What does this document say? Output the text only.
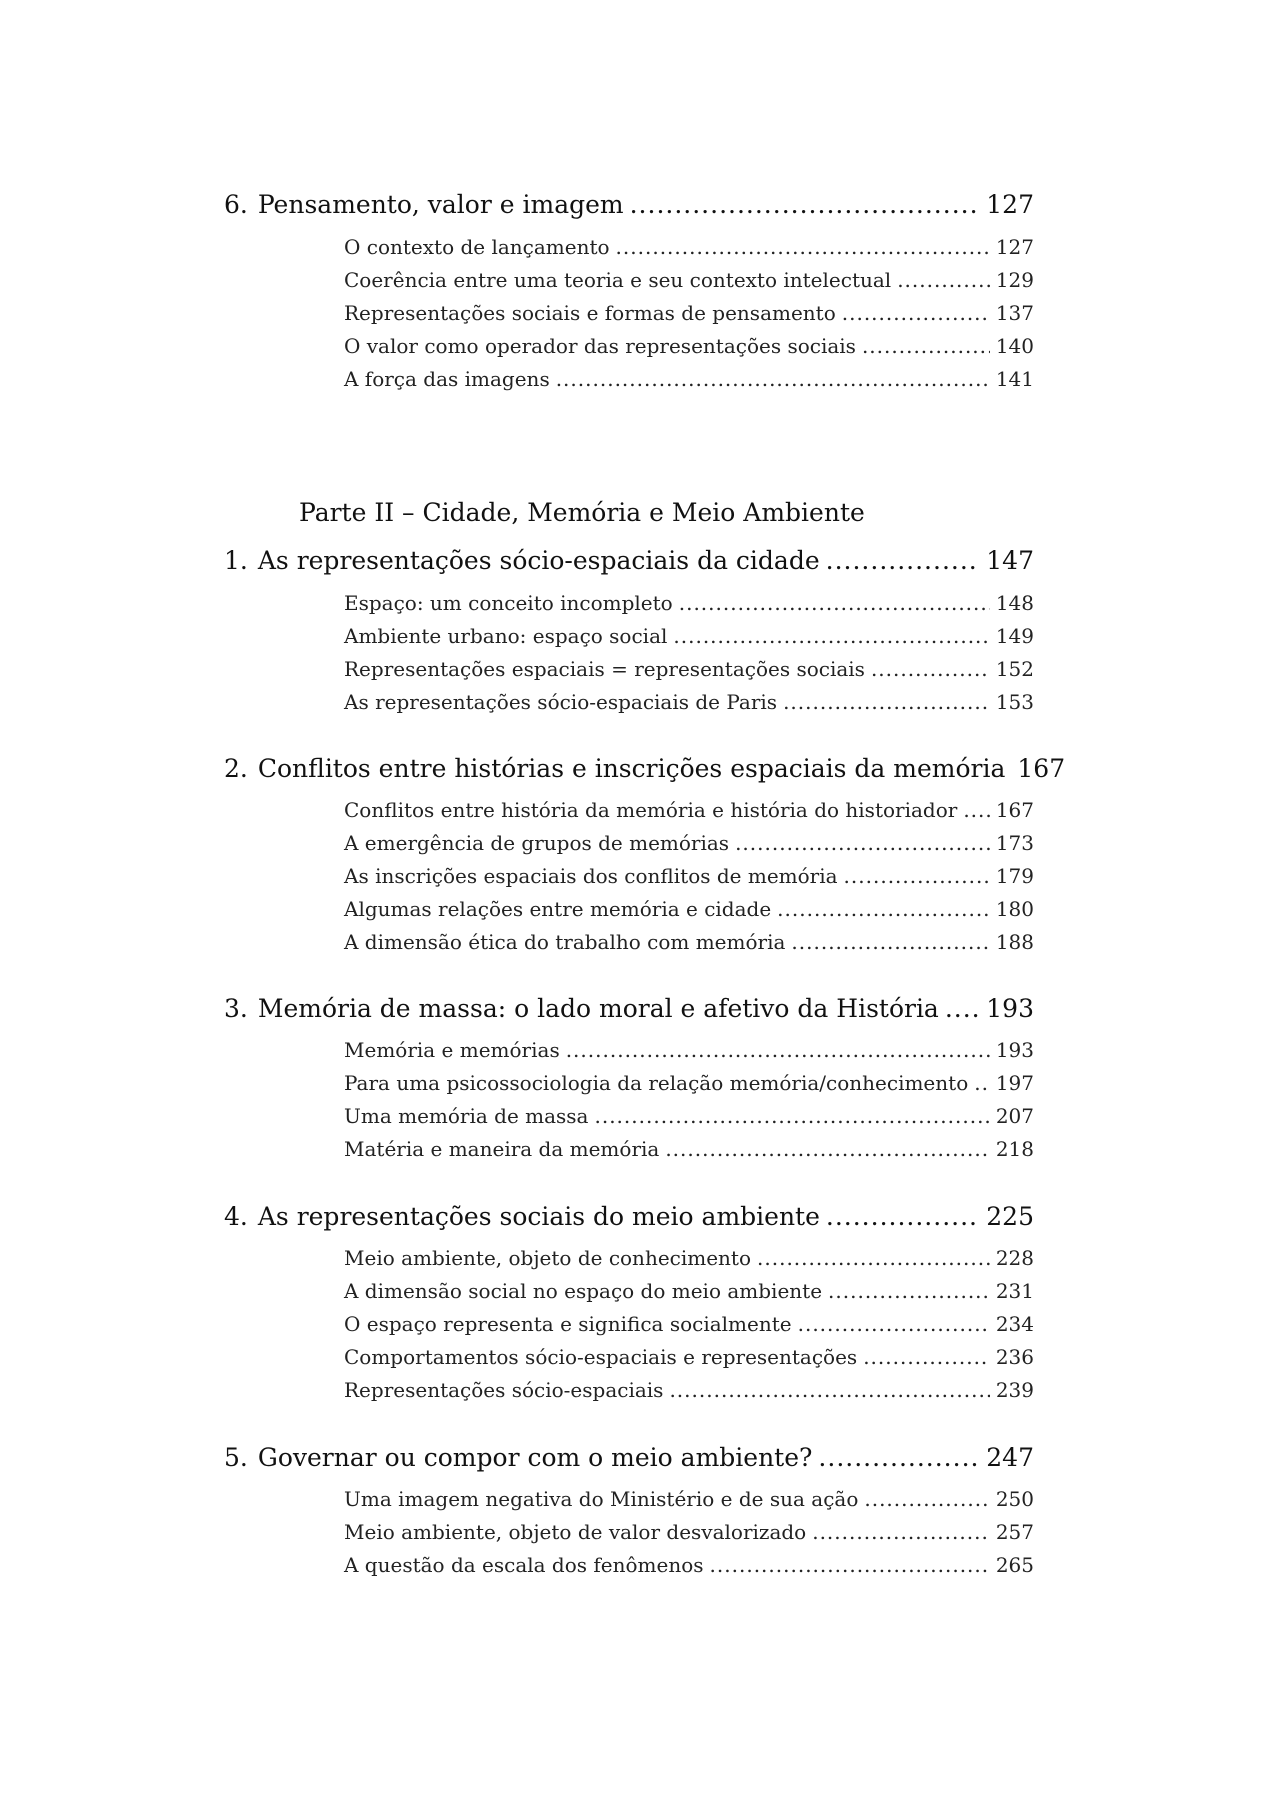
6. Pensamento, valor e imagem .....	127
O contexto de lançamento .....	127
Coerência entre uma teoria e seu contexto intelectual .....	129
Representações sociais e formas de pensamento .....	137
O valor como operador das representações sociais .....	140
A força das imagens .....	141
Parte II – Cidade, Memória e Meio Ambiente
1. As representações sócio-espaciais da cidade .....	147
Espaço: um conceito incompleto .....	148
Ambiente urbano: espaço social .....	149
Representações espaciais = representações sociais .....	152
As representações sócio-espaciais de Paris .....	153
2. Conflitos entre histórias e inscrições espaciais da memória 167
Conflitos entre história da memória e história do historiador ..... 167
A emergência de grupos de memórias .....	173
As inscrições espaciais dos conflitos de memória .....	179
Algumas relações entre memória e cidade .....	180
A dimensão ética do trabalho com memória .....	188
3. Memória de massa: o lado moral e afetivo da História ..... 193
Memória e memórias .....	193
Para uma psicossociologia da relação memória/conhecimento ..... 197
Uma memória de massa .....	207
Matéria e maneira da memória .....	218
4. As representações sociais do meio ambiente .....	225
Meio ambiente, objeto de conhecimento .....	228
A dimensão social no espaço do meio ambiente .....	231
O espaço representa e significa socialmente .....	234
Comportamentos sócio-espaciais e representações .....	236
Representações sócio-espaciais .....	239
5. Governar ou compor com o meio ambiente? .....	247
Uma imagem negativa do Ministério e de sua ação .....	250
Meio ambiente, objeto de valor desvalorizado .....	257
A questão da escala dos fenômenos .....	265
